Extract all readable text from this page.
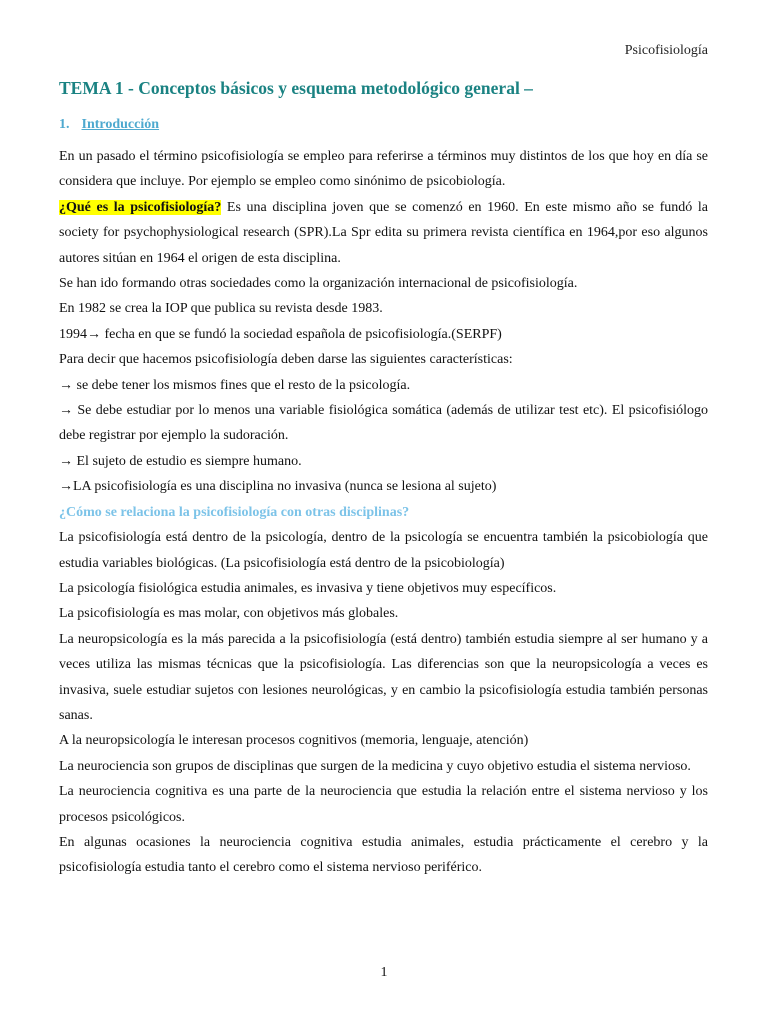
Psicofisiología
TEMA 1 - Conceptos básicos y esquema metodológico general –
1. Introducción

En un pasado el término psicofisiología se empleo para referirse a términos muy distintos de los que hoy en día se considera que incluye. Por ejemplo se empleo como sinónimo de psicobiología.

¿Qué es la psicofisiología? Es una disciplina joven que se comenzó en 1960. En este mismo año se fundó la society for psychophysiological research (SPR).La Spr edita su primera revista científica en 1964,por eso algunos autores sitúan en 1964 el origen de esta disciplina.

Se han ido formando otras sociedades como la organización internacional de psicofisiología.

En 1982 se crea la IOP que publica su revista desde 1983.

1994→ fecha en que se fundó la sociedad española de psicofisiología.(SERPF)

Para decir que hacemos psicofisiología deben darse las siguientes características:

→ se debe tener los mismos fines que el resto de la psicología.

→ Se debe estudiar por lo menos una variable fisiológica somática (además de utilizar test etc). El psicofisiólogo debe registrar por ejemplo la sudoración.

→ El sujeto de estudio es siempre humano.

→LA psicofisiología es una disciplina no invasiva (nunca se lesiona al sujeto)

¿Cómo se relaciona la psicofisiología con otras disciplinas?

La psicofisiología está dentro de la psicología, dentro de la psicología se encuentra también la psicobiología que estudia variables biológicas. (La psicofisiología está dentro de la psicobiología)

La psicología fisiológica estudia animales, es invasiva y tiene objetivos muy específicos.

La psicofisiología es mas molar, con objetivos más globales.

La neuropsicología es la más parecida a la psicofisiología (está dentro) también estudia siempre al ser humano y a veces utiliza las mismas técnicas que la psicofisiología. Las diferencias son que la neuropsicología a veces es invasiva, suele estudiar sujetos con lesiones neurológicas, y en cambio la psicofisiología estudia también personas sanas.

A la neuropsicología le interesan procesos cognitivos (memoria, lenguaje, atención)

La neurociencia son grupos de disciplinas que surgen de la medicina y cuyo objetivo estudia el sistema nervioso.

La neurociencia cognitiva es una parte de la neurociencia que estudia la relación entre el sistema nervioso y los procesos psicológicos.

En algunas ocasiones la neurociencia cognitiva estudia animales, estudia prácticamente el cerebro y la psicofisiología estudia tanto el cerebro como el sistema nervioso periférico.

1
